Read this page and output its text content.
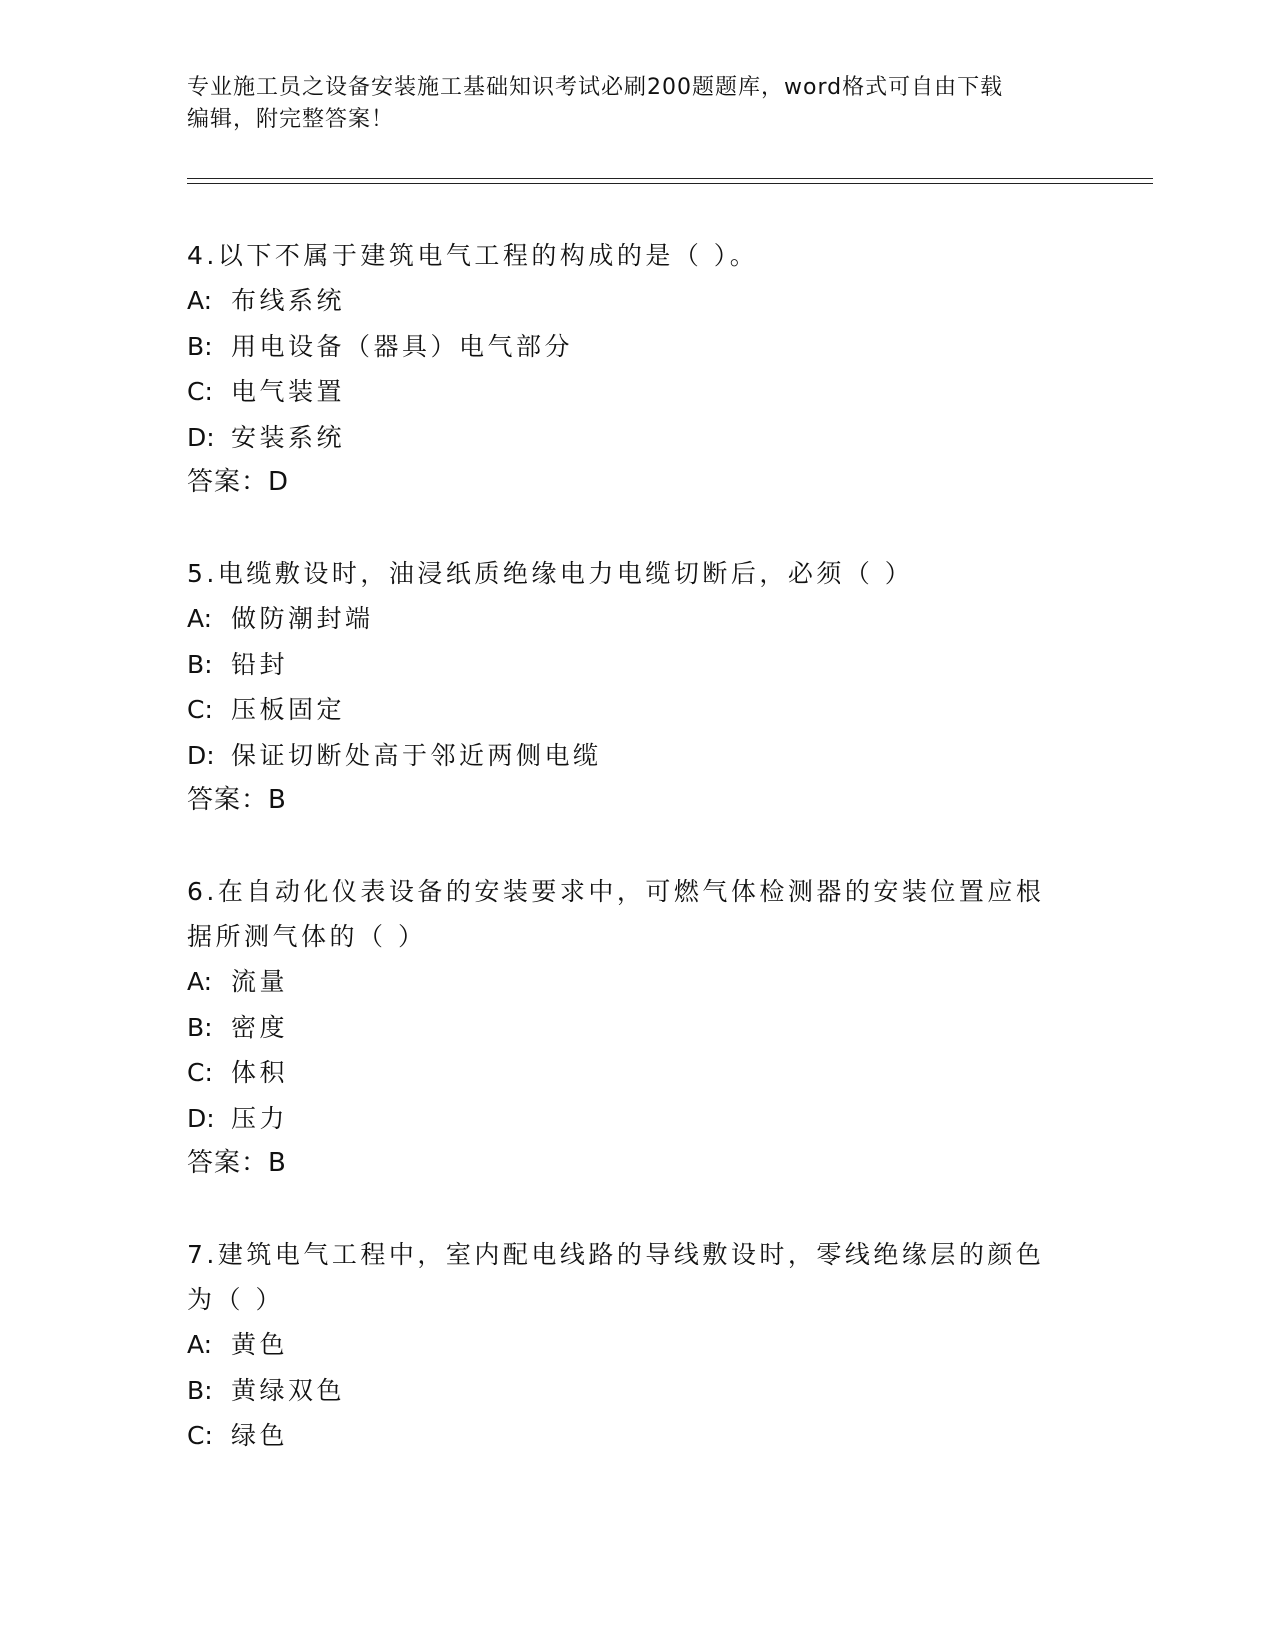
专业施工员之设备安装施工基础知识考试必刷200题题库，word格式可自由下载
编辑，附完整答案！
4.以下不属于建筑电气工程的构成的是（ ）。
A: 布线系统
B: 用电设备（器具）电气部分
C: 电气装置
D: 安装系统
答案：D
5.电缆敷设时，油浸纸质绝缘电力电缆切断后，必须（ ）
A: 做防潮封端
B: 铅封
C: 压板固定
D: 保证切断处高于邻近两侧电缆
答案：B
6.在自动化仪表设备的安装要求中，可燃气体检测器的安装位置应根
据所测气体的（ ）
A: 流量
B: 密度
C: 体积
D: 压力
答案：B
7.建筑电气工程中，室内配电线路的导线敷设时，零线绝缘层的颜色
为（ ）
A: 黄色
B: 黄绿双色
C: 绿色
